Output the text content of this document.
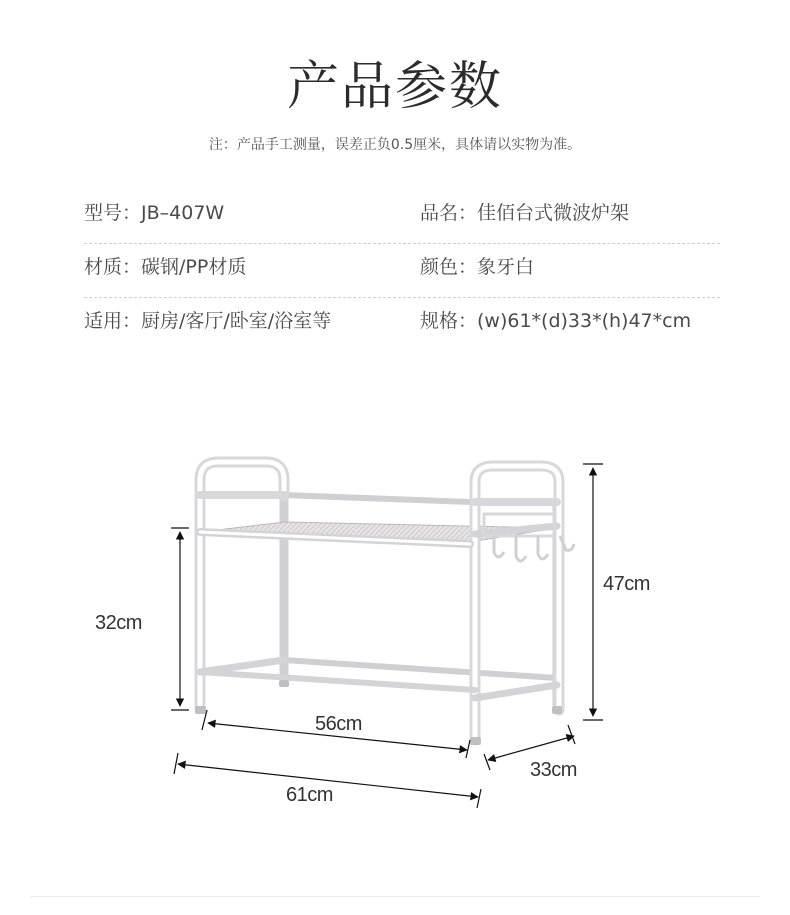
产品参数
注：产品手工测量，误差正负0.5厘米，具体请以实物为准。
型号：JB–407W	品名：佳佰台式微波炉架
材质：碳钢/PP材质	颜色：象牙白
适用：厨房/客厅/卧室/浴室等	规格：(w)61*(d)33*(h)47*cm
32cm
47cm
56cm
33cm
61cm
